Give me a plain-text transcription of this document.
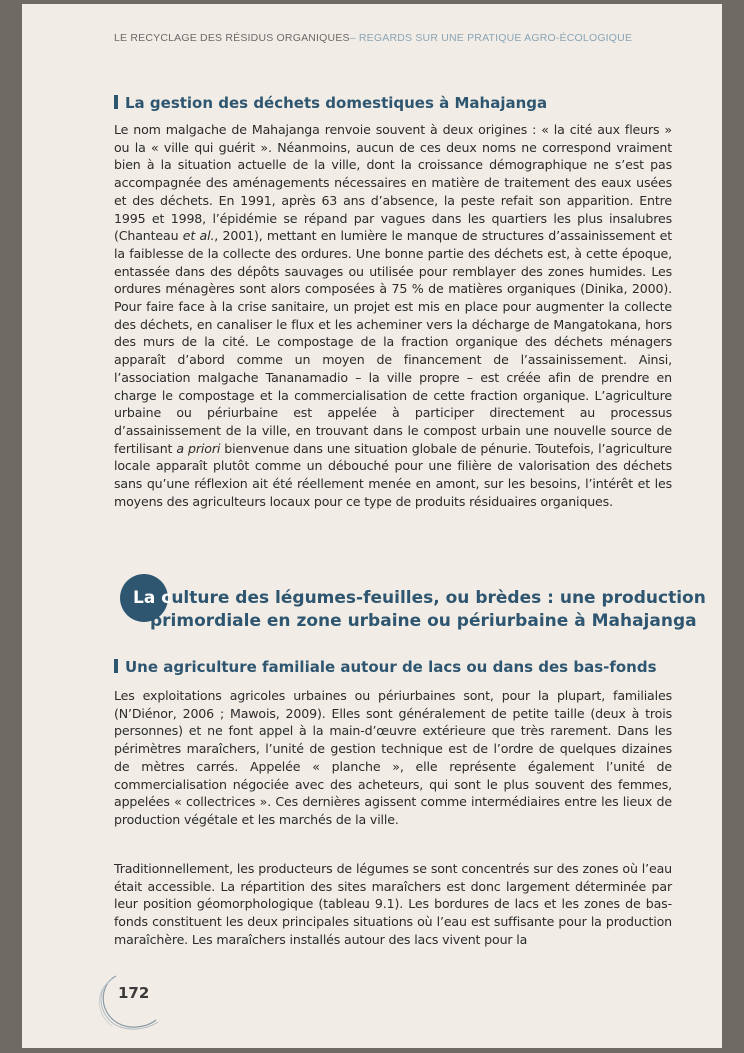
LE RECYCLAGE DES RÉSIDUS ORGANIQUES– REGARDS SUR UNE PRATIQUE AGRO-ÉCOLOGIQUE
La gestion des déchets domestiques à Mahajanga

Le nom malgache de Mahajanga renvoie souvent à deux origines : « la cité aux fleurs » ou la « ville qui guérit ». Néanmoins, aucun de ces deux noms ne correspond vraiment bien à la situation actuelle de la ville, dont la croissance démographique ne s’est pas accompagnée des aménagements nécessaires en matière de traitement des eaux usées et des déchets. En 1991, après 63 ans d’absence, la peste refait son apparition. Entre 1995 et 1998, l’épidémie se répand par vagues dans les quartiers les plus insalubres (Chanteau et al., 2001), mettant en lumière le manque de structures d’assainissement et la faiblesse de la collecte des ordures. Une bonne partie des déchets est, à cette époque, entassée dans des dépôts sauvages ou utilisée pour remblayer des zones humides. Les ordures ménagères sont alors composées à 75 % de matières organiques (Dinika, 2000). Pour faire face à la crise sanitaire, un projet est mis en place pour augmenter la collecte des déchets, en canaliser le flux et les acheminer vers la décharge de Mangatokana, hors des murs de la cité. Le compostage de la fraction organique des déchets ménagers apparaît d’abord comme un moyen de financement de l’assainissement. Ainsi, l’association malgache Tananamadio – la ville propre – est créée afin de prendre en charge le compostage et la commercialisation de cette fraction organique. L’agriculture urbaine ou périurbaine est appelée à participer directement au processus d’assainissement de la ville, en trouvant dans le compost urbain une nouvelle source de fertilisant a priori bienvenue dans une situation globale de pénurie. Toutefois, l’agriculture locale apparaît plutôt comme un débouché pour une filière de valorisation des déchets sans qu’une réflexion ait été réellement menée en amont, sur les besoins, l’intérêt et les moyens des agriculteurs locaux pour ce type de produits résiduaires organiques.

La culture des légumes-feuilles, ou brèdes : une production

primordiale en zone urbaine ou périurbaine à Mahajanga

Une agriculture familiale autour de lacs ou dans des bas-fonds

Les exploitations agricoles urbaines ou périurbaines sont, pour la plupart, familiales (N’Diénor, 2006 ; Mawois, 2009). Elles sont généralement de petite taille (deux à trois personnes) et ne font appel à la main-d’œuvre extérieure que très rarement. Dans les périmètres maraîchers, l’unité de gestion technique est de l’ordre de quelques dizaines de mètres carrés. Appelée « planche », elle représente également l’unité de commercialisation négociée avec des acheteurs, qui sont le plus souvent des femmes, appelées « collectrices ». Ces dernières agissent comme intermédiaires entre les lieux de production végétale et les marchés de la ville.

Traditionnellement, les producteurs de légumes se sont concentrés sur des zones où l’eau était accessible. La répartition des sites maraîchers est donc largement déterminée par leur position géomorphologique (tableau 9.1). Les bordures de lacs et les zones de bas-fonds constituent les deux principales situations où l’eau est suffisante pour la production maraîchère. Les maraîchers installés autour des lacs vivent pour la

172
